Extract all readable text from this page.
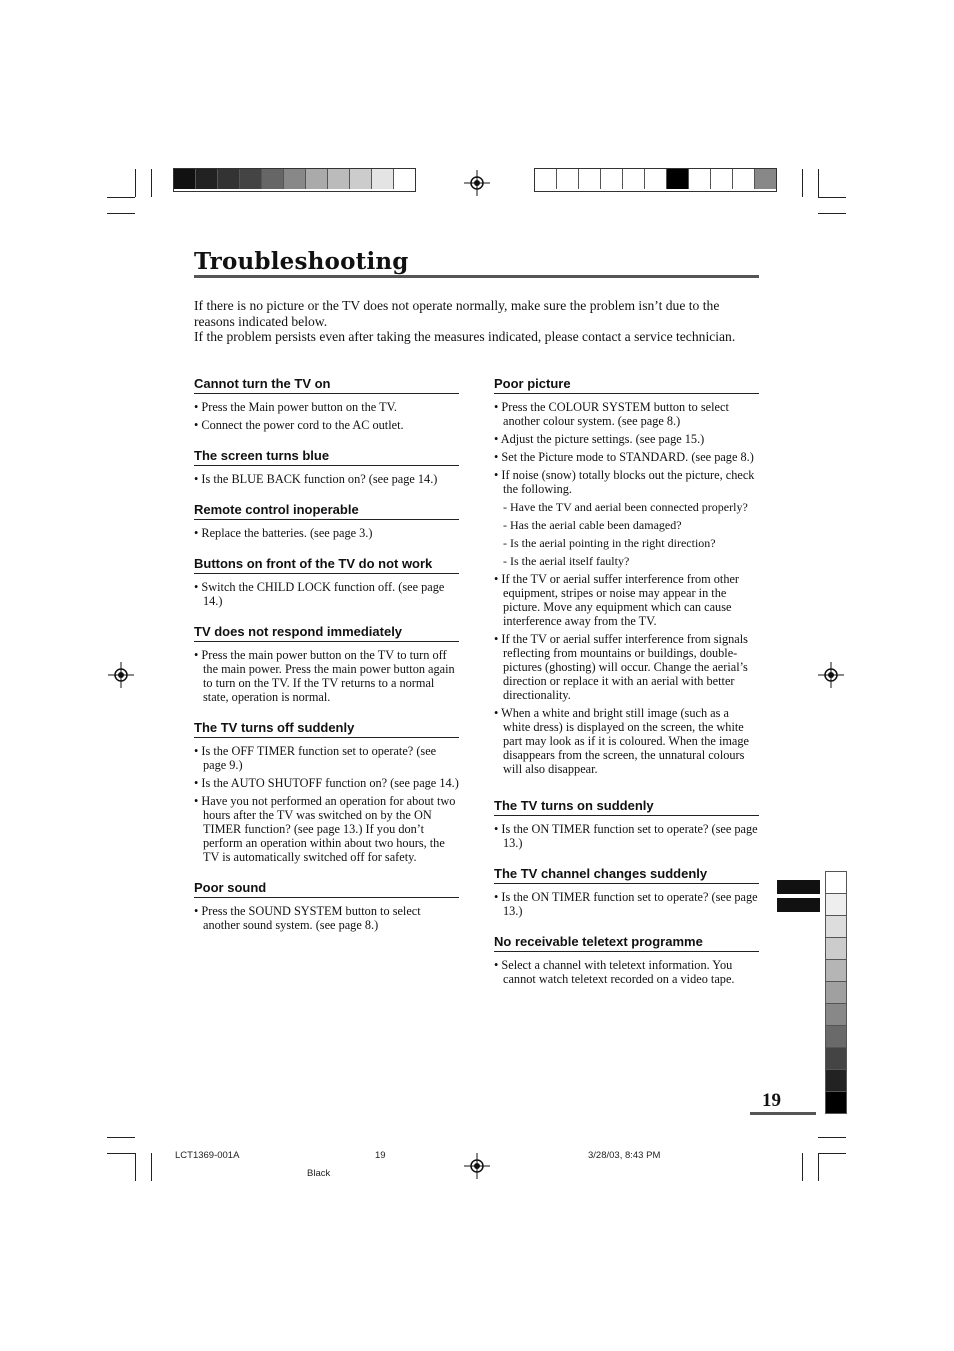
Troubleshooting

If there is no picture or the TV does not operate normally, make sure the problem isn’t due to the reasons indicated below.

If the problem persists even after taking the measures indicated, please contact a service technician.

Cannot turn the TV on
• Press the Main power button on the TV.
• Connect the power cord to the AC outlet.
The screen turns blue
• Is the BLUE BACK function on? (see page 14.)
Remote control inoperable
• Replace the batteries. (see page 3.)
Buttons on front of the TV do not work
• Switch the CHILD LOCK function off. (see page 14.)
TV does not respond immediately
• Press the main power button on the TV to turn off the main power. Press the main power button again to turn on the TV. If the TV returns to a normal state, operation is normal.
The TV turns off suddenly
• Is the OFF TIMER function set to operate? (see page 9.)
• Is the AUTO SHUTOFF function on? (see page 14.)
• Have you not performed an operation for about two hours after the TV was switched on by the ON TIMER function? (see page 13.) If you don’t perform an operation within about two hours, the TV is automatically switched off for safety.
Poor sound
• Press the SOUND SYSTEM button to select another sound system. (see page 8.)
Poor picture
• Press the COLOUR SYSTEM button to select another colour system. (see page 8.)
• Adjust the picture settings. (see page 15.)
• Set the Picture mode to STANDARD. (see page 8.)
• If noise (snow) totally blocks out the picture, check the following.
- Have the TV and aerial been connected properly?
- Has the aerial cable been damaged?
- Is the aerial pointing in the right direction?
- Is the aerial itself faulty?
• If the TV or aerial suffer interference from other equipment, stripes or noise may appear in the picture. Move any equipment which can cause interference away from the TV.
• If the TV or aerial suffer interference from signals reflecting from mountains or buildings, double-pictures (ghosting) will occur. Change the aerial’s direction or replace it with an aerial with better directionality.
• When a white and bright still image (such as a white dress) is displayed on the screen, the white part may look as if it is coloured. When the image disappears from the screen, the unnatural colours will also disappear.
The TV turns on suddenly
• Is the ON TIMER function set to operate? (see page 13.)
The TV channel changes suddenly
• Is the ON TIMER function set to operate? (see page 13.)
No receivable teletext programme
• Select a channel with teletext information. You cannot watch teletext recorded on a video tape.
19
LCT1369-001A	19	3/28/03, 8:43 PM
Black
